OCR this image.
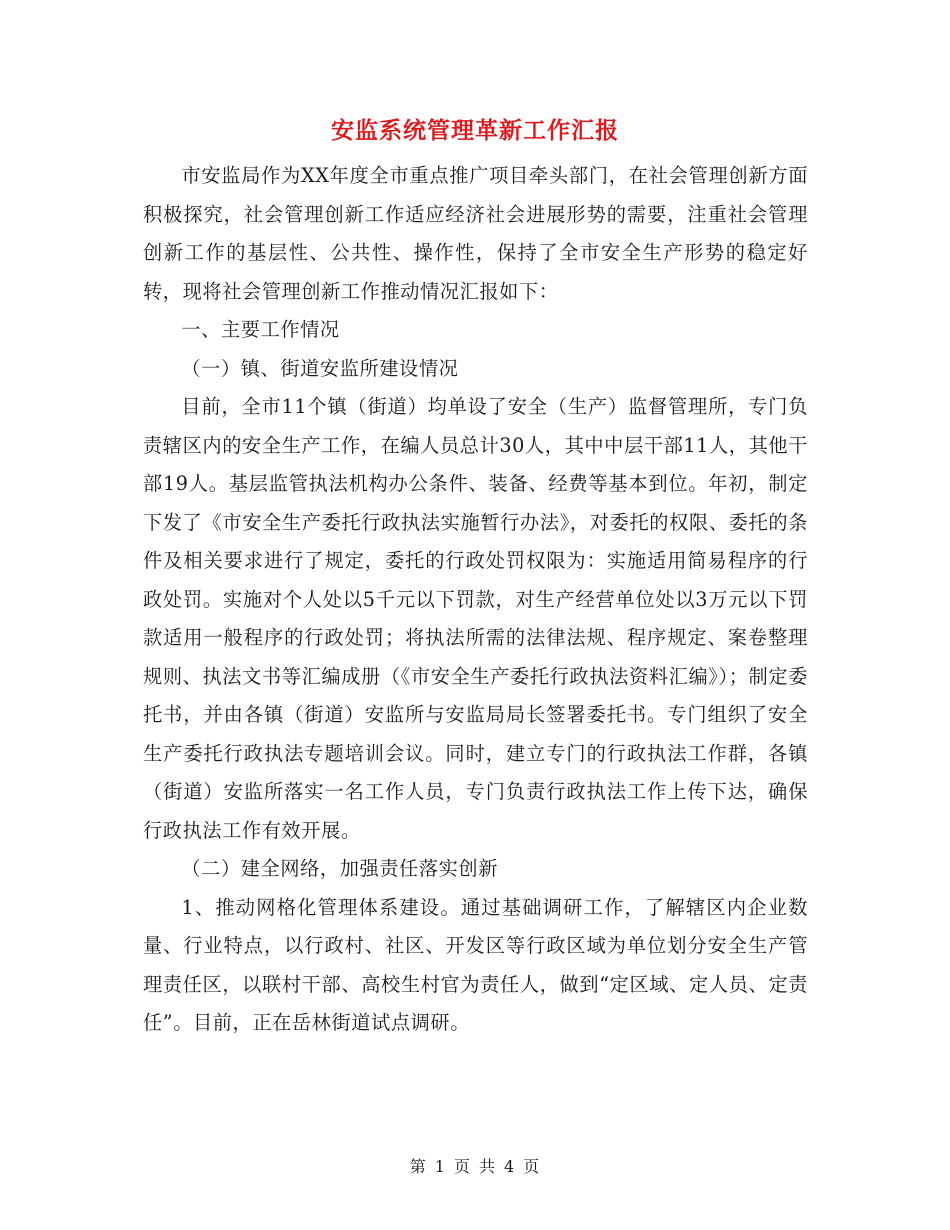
安监系统管理革新工作汇报

市安监局作为XX年度全市重点推广项目牵头部门，在社会管理创新方面积极探究，社会管理创新工作适应经济社会进展形势的需要，注重社会管理创新工作的基层性、公共性、操作性，保持了全市安全生产形势的稳定好转，现将社会管理创新工作推动情况汇报如下：

一、主要工作情况

（一）镇、街道安监所建设情况

目前，全市11个镇（街道）均单设了安全（生产）监督管理所，专门负责辖区内的安全生产工作，在编人员总计30人，其中中层干部11人，其他干部19人。基层监管执法机构办公条件、装备、经费等基本到位。年初，制定下发了《市安全生产委托行政执法实施暂行办法》，对委托的权限、委托的条件及相关要求进行了规定，委托的行政处罚权限为：实施适用简易程序的行政处罚。实施对个人处以5千元以下罚款，对生产经营单位处以3万元以下罚款适用一般程序的行政处罚；将执法所需的法律法规、程序规定、案卷整理规则、执法文书等汇编成册（《市安全生产委托行政执法资料汇编》）；制定委托书，并由各镇（街道）安监所与安监局局长签署委托书。专门组织了安全生产委托行政执法专题培训会议。同时，建立专门的行政执法工作群，各镇（街道）安监所落实一名工作人员，专门负责行政执法工作上传下达，确保行政执法工作有效开展。

（二）建全网络，加强责任落实创新

1、推动网格化管理体系建设。通过基础调研工作，了解辖区内企业数量、行业特点，以行政村、社区、开发区等行政区域为单位划分安全生产管理责任区，以联村干部、高校生村官为责任人，做到“定区域、定人员、定责任”。目前，正在岳林街道试点调研。

第 1 页 共 4 页
